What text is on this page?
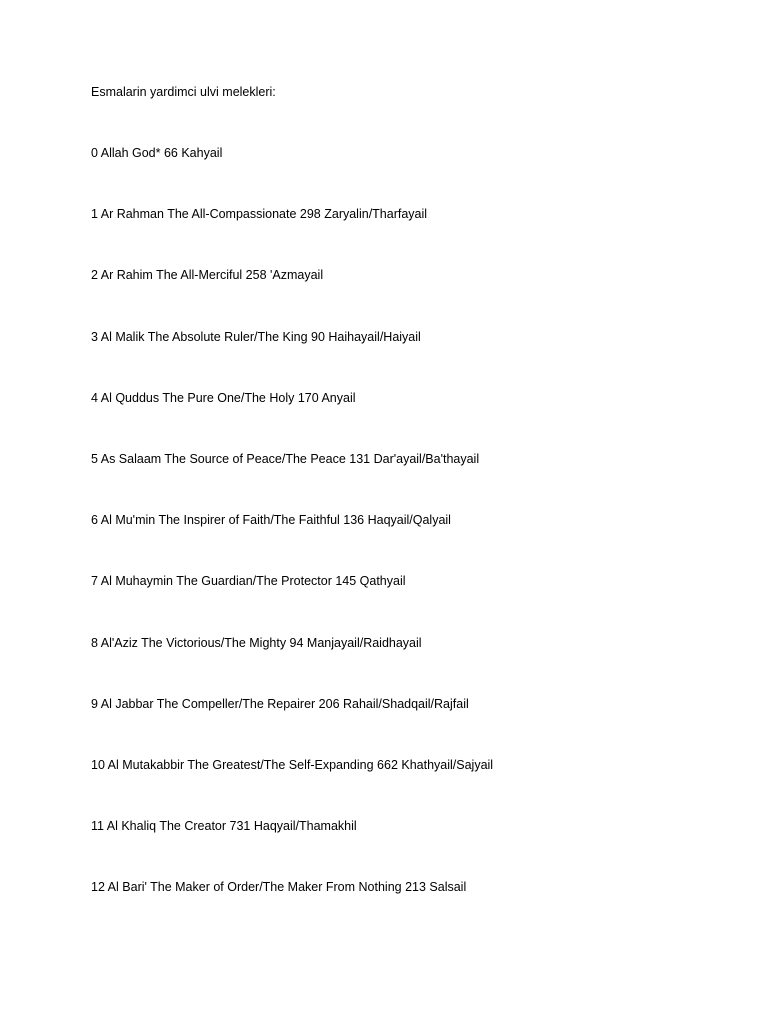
Esmalarin yardimci ulvi melekleri:
0 Allah God* 66 Kahyail
1 Ar Rahman The All-Compassionate 298 Zaryalin/Tharfayail
2 Ar Rahim The All-Merciful 258 'Azmayail
3 Al Malik The Absolute Ruler/The King 90 Haihayail/Haiyail
4 Al Quddus The Pure One/The Holy 170 Anyail
5 As Salaam The Source of Peace/The Peace 131 Dar'ayail/Ba'thayail
6 Al Mu'min The Inspirer of Faith/The Faithful 136 Haqyail/Qalyail
7 Al Muhaymin The Guardian/The Protector 145 Qathyail
8 Al'Aziz The Victorious/The Mighty 94 Manjayail/Raidhayail
9 Al Jabbar The Compeller/The Repairer 206 Rahail/Shadqail/Rajfail
10 Al Mutakabbir The Greatest/The Self-Expanding 662 Khathyail/Sajyail
11 Al Khaliq The Creator 731 Haqyail/Thamakhil
12 Al Bari' The Maker of Order/The Maker From Nothing 213 Salsail
